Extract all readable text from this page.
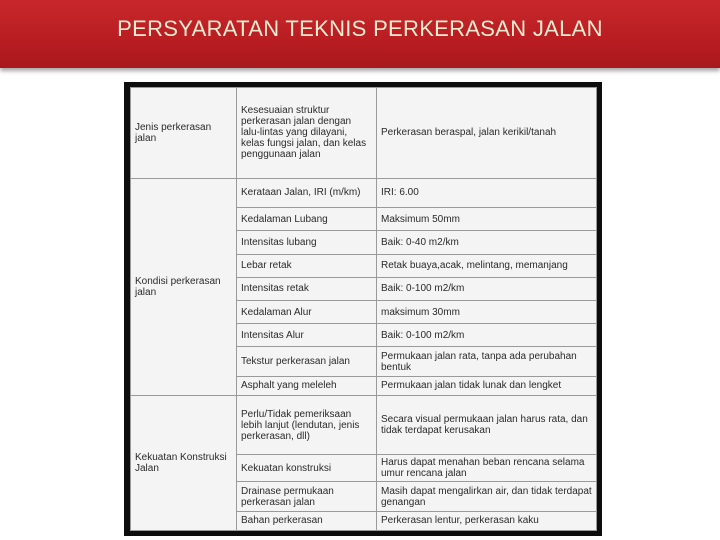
PERSYARATAN TEKNIS PERKERASAN JALAN
Jenis perkerasan jalan	Kesesuaian struktur perkerasan jalan dengan lalu-lintas yang dilayani, kelas fungsi jalan, dan kelas penggunaan jalan	Perkerasan beraspal, jalan kerikil/tanah
Kondisi perkerasan jalan	Kerataan Jalan, IRI (m/km)	IRI: 6.00
	Kedalaman Lubang	Maksimum 50mm
	Intensitas lubang	Baik: 0-40 m2/km
	Lebar retak	Retak buaya,acak, melintang, memanjang
	Intensitas retak	Baik: 0-100 m2/km
	Kedalaman Alur	maksimum 30mm
	Intensitas Alur	Baik: 0-100 m2/km
	Tekstur perkerasan jalan	Permukaan jalan rata, tanpa ada perubahan bentuk
	Asphalt yang meleleh	Permukaan jalan tidak lunak dan lengket
Kekuatan Konstruksi Jalan	Perlu/Tidak pemeriksaan lebih lanjut (lendutan, jenis perkerasan, dll)	Secara visual permukaan jalan harus rata, dan tidak terdapat kerusakan
	Kekuatan konstruksi	Harus dapat menahan beban rencana selama umur rencana jalan
	Drainase permukaan perkerasan jalan	Masih dapat mengalirkan air, dan tidak terdapat genangan
	Bahan perkerasan	Perkerasan lentur, perkerasan kaku
